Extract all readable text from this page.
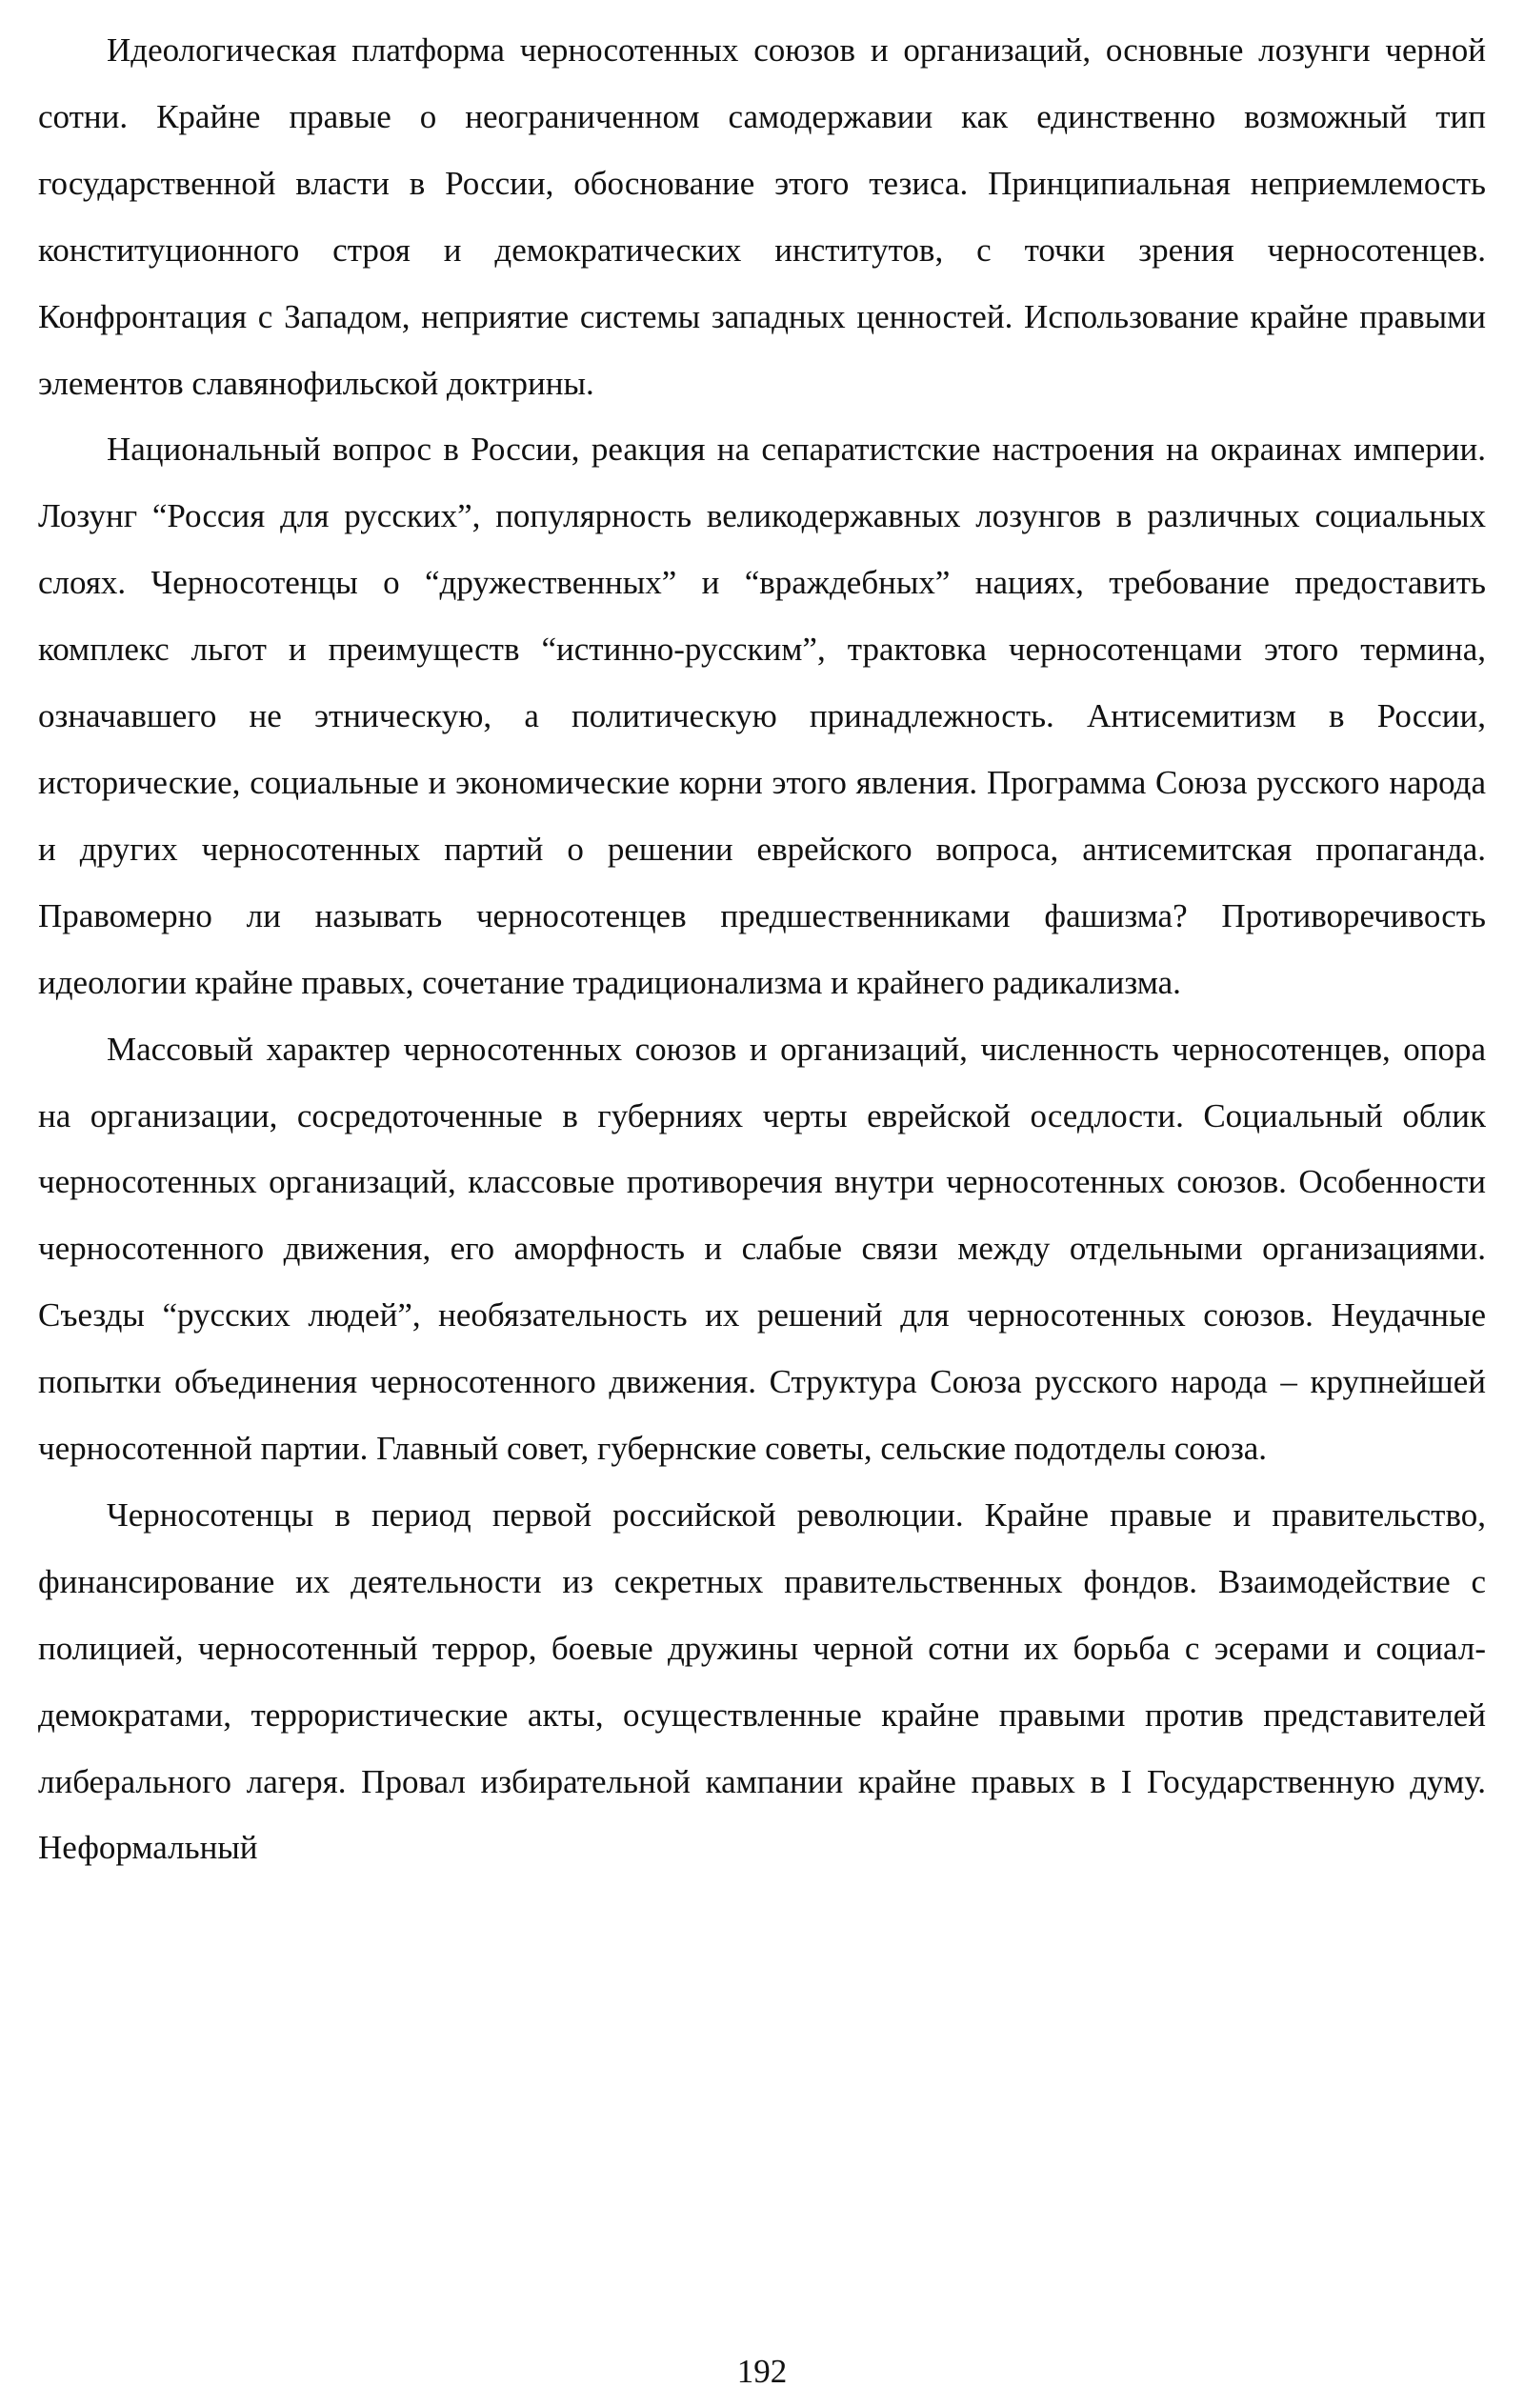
Идеологическая платформа черносотенных союзов и организаций, основные лозунги черной сотни. Крайне правые о неограниченном самодержавии как единственно возможный тип государственной власти в России, обоснование этого тезиса. Принципиальная неприемлемость конституционного строя и демократических институтов, с точки зрения черносотенцев. Конфронтация с Западом, неприятие системы западных ценностей. Использование крайне правыми элементов славянофильской доктрины.

Национальный вопрос в России, реакция на сепаратистские настроения на окраинах империи. Лозунг “Россия для русских”, популярность великодержавных лозунгов в различных социальных слоях. Черносотенцы о “дружественных” и “враждебных” нациях, требование предоставить комплекс льгот и преимуществ “истинно-русским”, трактовка черносотенцами этого термина, означавшего не этническую, а политическую принадлежность. Антисемитизм в России, исторические, социальные и экономические корни этого явления. Программа Союза русского народа и других черносотенных партий о решении еврейского вопроса, антисемитская пропаганда. Правомерно ли называть черносотенцев предшественниками фашизма? Противоречивость идеологии крайне правых, сочетание традиционализма и крайнего радикализма.

Массовый характер черносотенных союзов и организаций, численность черносотенцев, опора на организации, сосредоточенные в губерниях черты еврейской оседлости. Социальный облик черносотенных организаций, классовые противоречия внутри черносотенных союзов. Особенности черносотенного движения, его аморфность и слабые связи между отдельными организациями. Съезды “русских людей”, необязательность их решений для черносотенных союзов. Неудачные попытки объединения черносотенного движения. Структура Союза русского народа – крупнейшей черносотенной партии. Главный совет, губернские советы, сельские подотделы союза.

Черносотенцы в период первой российской революции. Крайне правые и правительство, финансирование их деятельности из секретных правительственных фондов. Взаимодействие с полицией, черносотенный террор, боевые дружины черной сотни их борьба с эсерами и социал-демократами, террористические акты, осуществленные крайне правыми против представителей либерального лагеря. Провал избирательной кампании крайне правых в I Государственную думу. Неформальный

192
